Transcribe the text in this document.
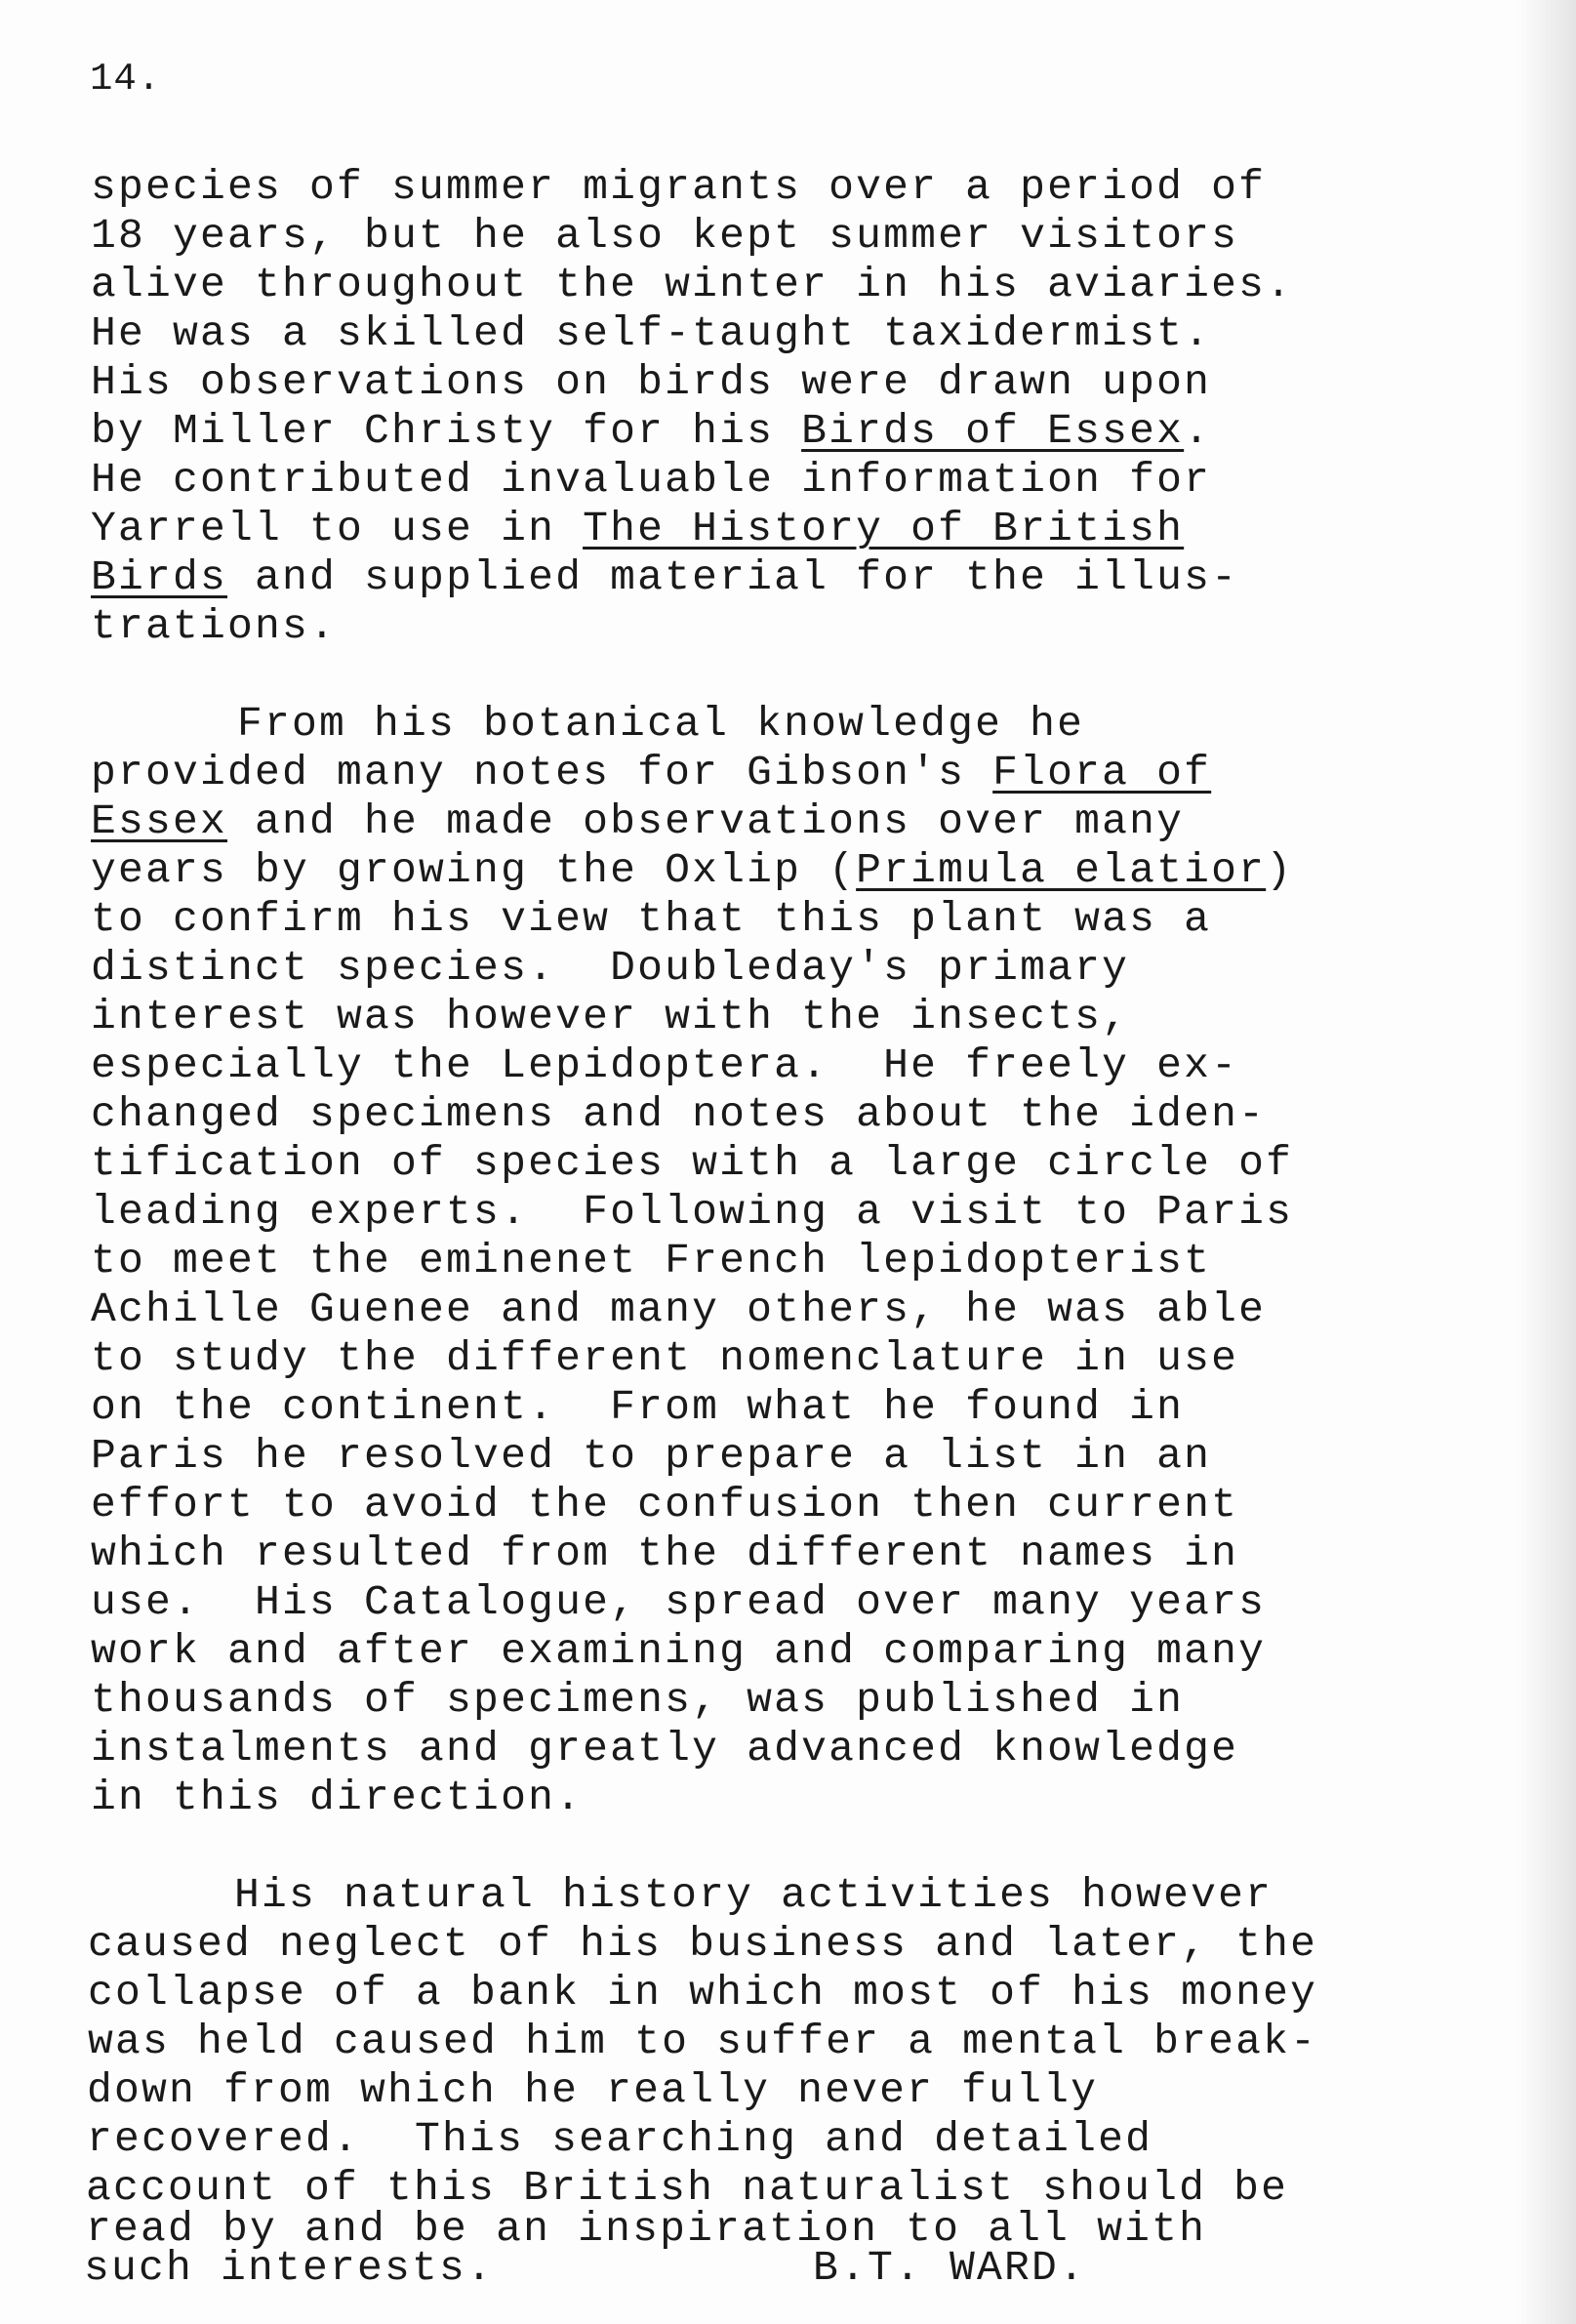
14.
species of summer migrants over a period of
18 years, but he also kept summer visitors
alive throughout the winter in his aviaries.
He was a skilled self-taught taxidermist.
His observations on birds were drawn upon
by Miller Christy for his Birds of Essex.
He contributed invaluable information for
Yarrell to use in The History of British
Birds and supplied material for the illus-
trations.
From his botanical knowledge he
provided many notes for Gibson's Flora of
Essex and he made observations over many
years by growing the Oxlip (Primula elatior)
to confirm his view that this plant was a
distinct species.  Doubleday's primary
interest was however with the insects,
especially the Lepidoptera.  He freely ex-
changed specimens and notes about the iden-
tification of species with a large circle of
leading experts.  Following a visit to Paris
to meet the eminenet French lepidopterist
Achille Guenee and many others, he was able
to study the different nomenclature in use
on the continent.  From what he found in
Paris he resolved to prepare a list in an
effort to avoid the confusion then current
which resulted from the different names in
use.  His Catalogue, spread over many years
work and after examining and comparing many
thousands of specimens, was published in
instalments and greatly advanced knowledge
in this direction.
His natural history activities however
caused neglect of his business and later, the
collapse of a bank in which most of his money
was held caused him to suffer a mental break-
down from which he really never fully
recovered.  This searching and detailed
account of this British naturalist should be
read by and be an inspiration to all with
such interests.	B.T. WARD.
